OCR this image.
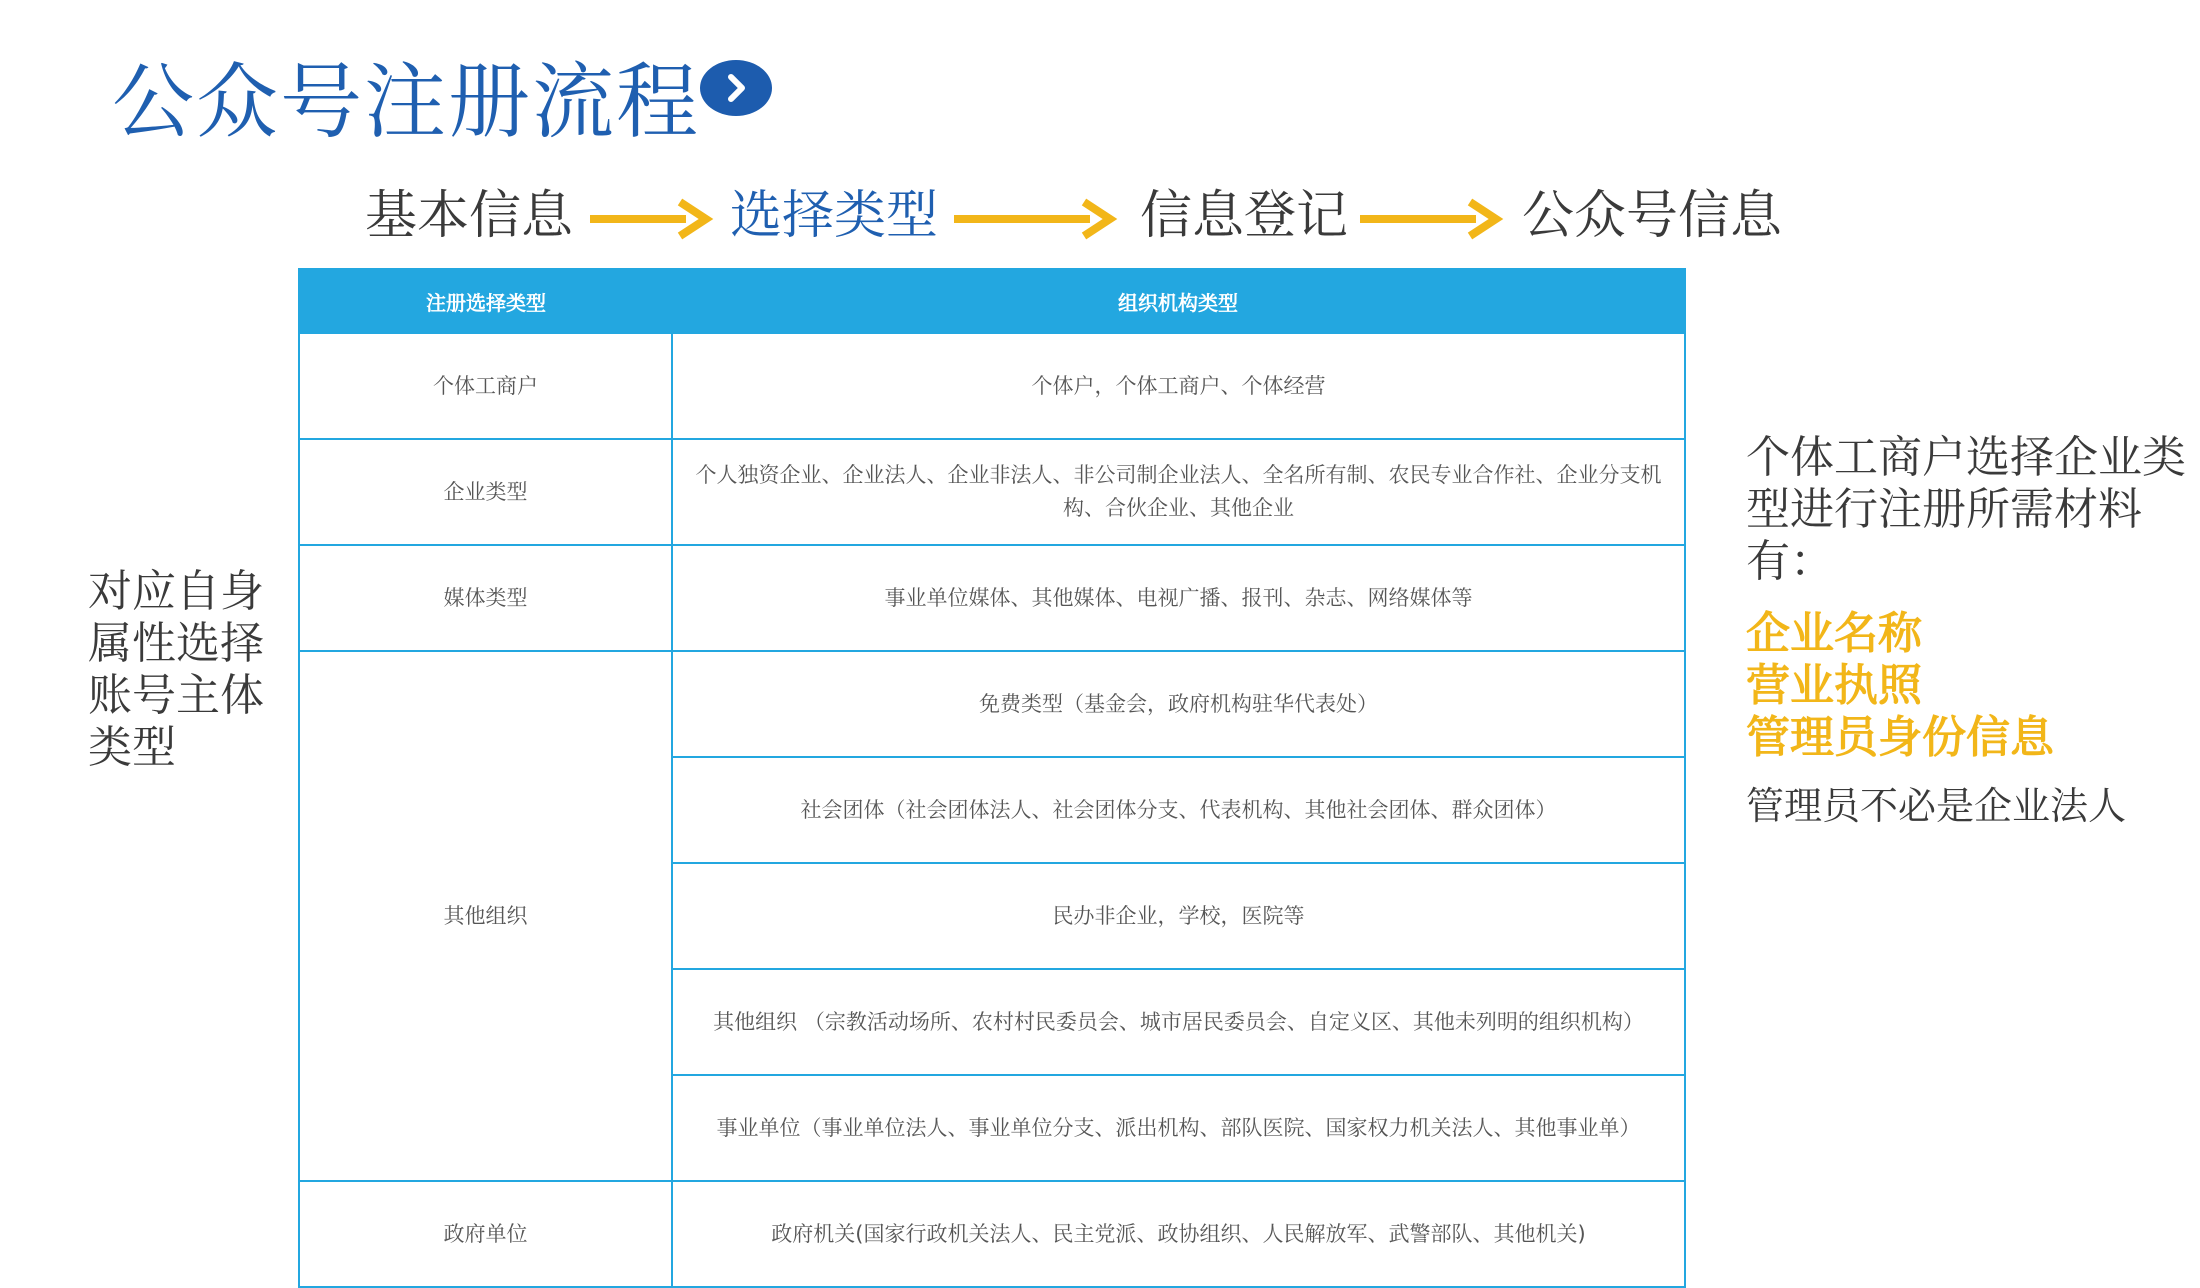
公众号注册流程
基本信息	选择类型	信息登记	公众号信息
注册选择类型	组织机构类型
个体工商户	个体户，个体工商户、个体经营
企业类型	个人独资企业、企业法人、企业非法人、非公司制企业法人、全名所有制、农民专业合作社、企业分支机构、合伙企业、其他企业
媒体类型	事业单位媒体、其他媒体、电视广播、报刊、杂志、网络媒体等
其他组织	免费类型（基金会，政府机构驻华代表处）
	社会团体（社会团体法人、社会团体分支、代表机构、其他社会团体、群众团体）
	民办非企业，学校，医院等
	其他组织 （宗教活动场所、农村村民委员会、城市居民委员会、自定义区、其他未列明的组织机构）
	事业单位（事业单位法人、事业单位分支、派出机构、部队医院、国家权力机关法人、其他事业单）
政府单位	政府机关(国家行政机关法人、民主党派、政协组织、人民解放军、武警部队、其他机关)
对应自身属性选择账号主体类型
个体工商户选择企业类型进行注册所需材料有：
企业名称
营业执照
管理员身份信息
管理员不必是企业法人
